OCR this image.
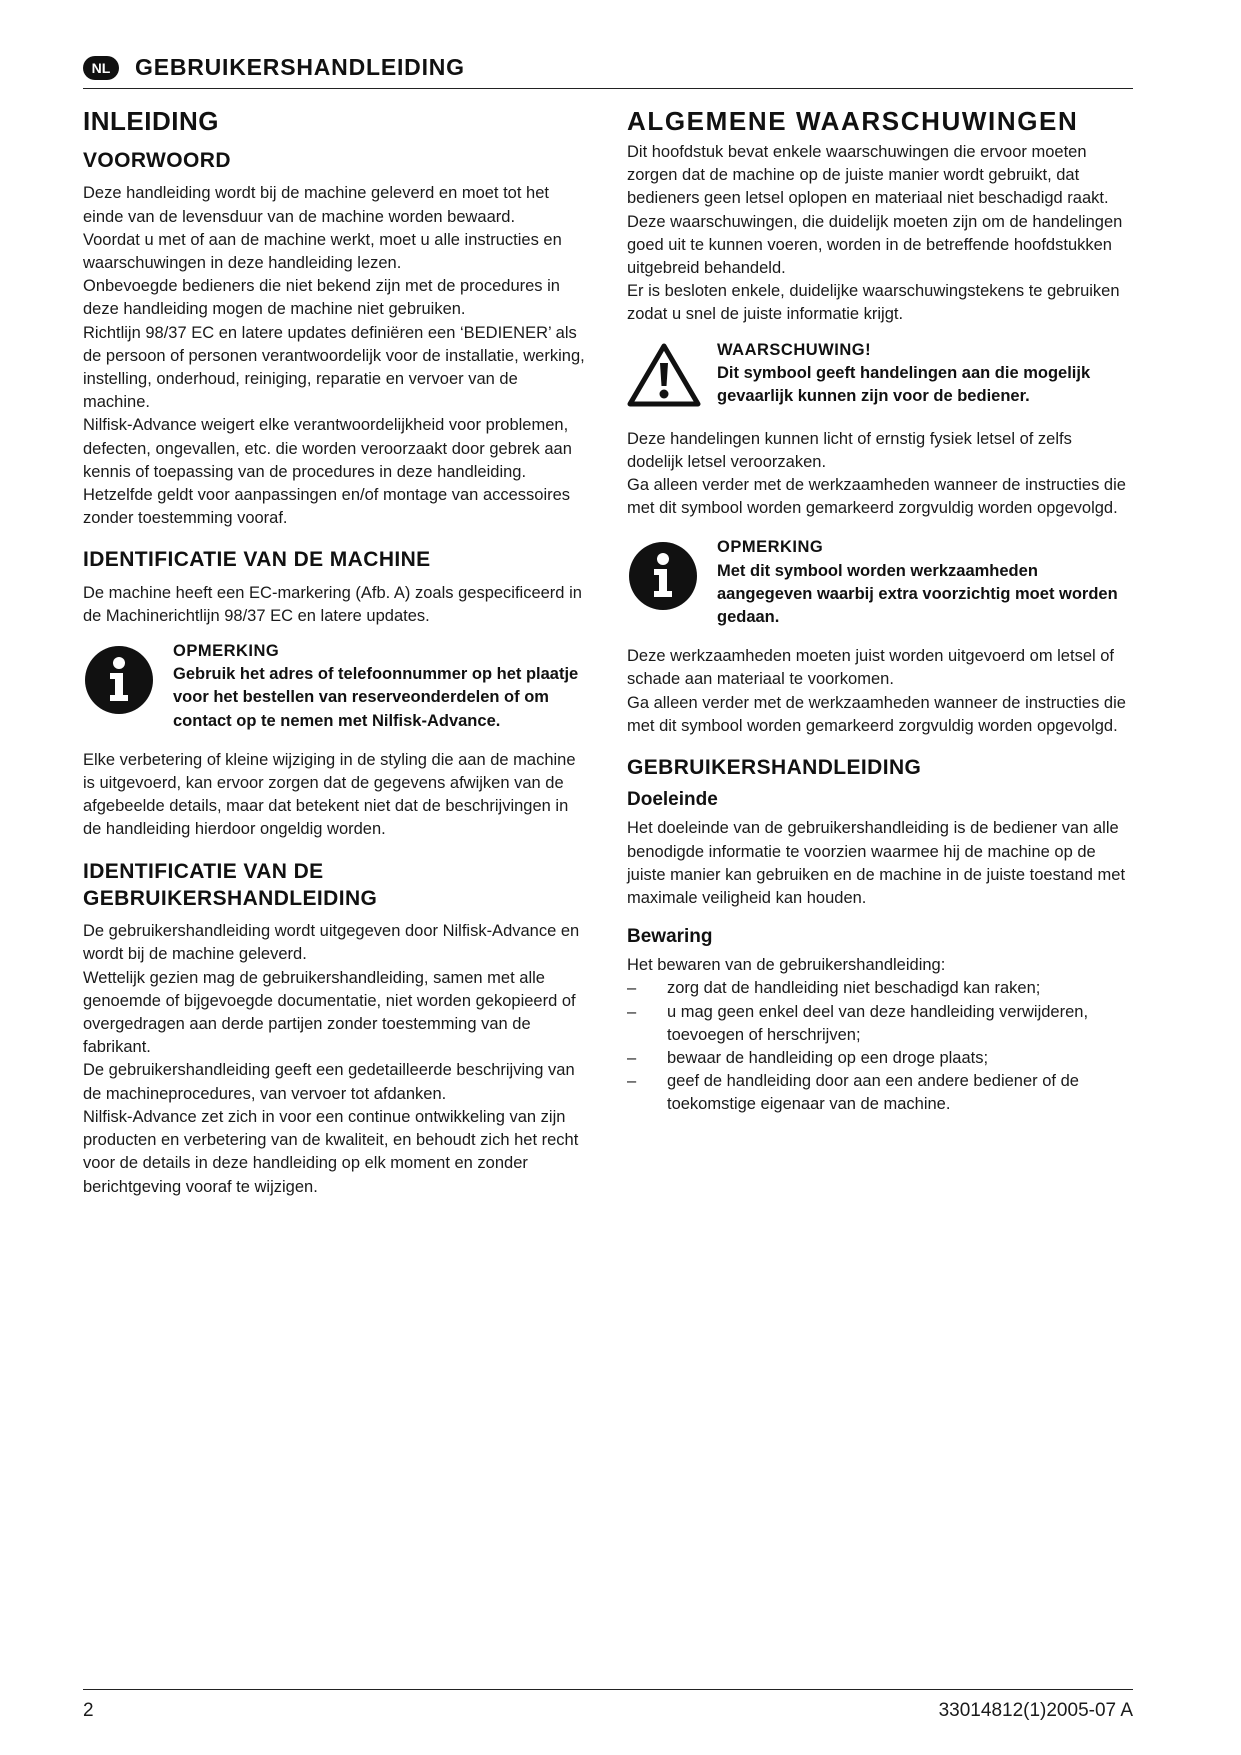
NL	GEBRUIKERSHANDLEIDING
INLEIDING
VOORWOORD

Deze handleiding wordt bij de machine geleverd en moet tot het einde van de levensduur van de machine worden bewaard.

Voordat u met of aan de machine werkt, moet u alle instructies en waarschuwingen in deze handleiding lezen.

Onbevoegde bedieners die niet bekend zijn met de procedures in deze handleiding mogen de machine niet gebruiken.

Richtlijn 98/37 EC en latere updates definiëren een ‘BEDIENER’ als de persoon of personen verantwoordelijk voor de installatie, werking, instelling, onderhoud, reiniging, reparatie en vervoer van de machine.

Nilfisk-Advance weigert elke verantwoordelijkheid voor problemen, defecten, ongevallen, etc. die worden veroorzaakt door gebrek aan kennis of toepassing van de procedures in deze handleiding.

Hetzelfde geldt voor aanpassingen en/of montage van accessoires zonder toestemming vooraf.

IDENTIFICATIE VAN DE MACHINE

De machine heeft een EC-markering (Afb. A) zoals gespecificeerd in de Machinerichtlijn 98/37 EC en latere updates.

OPMERKING
Gebruik het adres of telefoonnummer op het plaatje voor het bestellen van reserveonderdelen of om contact op te nemen met Nilfisk-Advance.

Elke verbetering of kleine wijziging in de styling die aan de machine is uitgevoerd, kan ervoor zorgen dat de gegevens afwijken van de afgebeelde details, maar dat betekent niet dat de beschrijvingen in de handleiding hierdoor ongeldig worden.

IDENTIFICATIE VAN DE
GEBRUIKERSHANDLEIDING

De gebruikershandleiding wordt uitgegeven door Nilfisk-Advance en wordt bij de machine geleverd.

Wettelijk gezien mag de gebruikershandleiding, samen met alle genoemde of bijgevoegde documentatie, niet worden gekopieerd of overgedragen aan derde partijen zonder toestemming van de fabrikant.

De gebruikershandleiding geeft een gedetailleerde beschrijving van de machineprocedures, van vervoer tot afdanken.

Nilfisk-Advance zet zich in voor een continue ontwikkeling van zijn producten en verbetering van de kwaliteit, en behoudt zich het recht voor de details in deze handleiding op elk moment en zonder berichtgeving vooraf te wijzigen.

ALGEMENE WAARSCHUWINGEN

Dit hoofdstuk bevat enkele waarschuwingen die ervoor moeten zorgen dat de machine op de juiste manier wordt gebruikt, dat bedieners geen letsel oplopen en materiaal niet beschadigd raakt.

Deze waarschuwingen, die duidelijk moeten zijn om de handelingen goed uit te kunnen voeren, worden in de betreffende hoofdstukken uitgebreid behandeld.

Er is besloten enkele, duidelijke waarschuwingstekens te gebruiken zodat u snel de juiste informatie krijgt.

WAARSCHUWING!
Dit symbool geeft handelingen aan die mogelijk gevaarlijk kunnen zijn voor de bediener.

Deze handelingen kunnen licht of ernstig fysiek letsel of zelfs dodelijk letsel veroorzaken.

Ga alleen verder met de werkzaamheden wanneer de instructies die met dit symbool worden gemarkeerd zorgvuldig worden opgevolgd.

OPMERKING
Met dit symbool worden werkzaamheden aangegeven waarbij extra voorzichtig moet worden gedaan.

Deze werkzaamheden moeten juist worden uitgevoerd om letsel of schade aan materiaal te voorkomen.

Ga alleen verder met de werkzaamheden wanneer de instructies die met dit symbool worden gemarkeerd zorgvuldig worden opgevolgd.

GEBRUIKERSHANDLEIDING
Doeleinde

Het doeleinde van de gebruikershandleiding is de bediener van alle benodigde informatie te voorzien waarmee hij de machine op de juiste manier kan gebruiken en de machine in de juiste toestand met maximale veiligheid kan houden.

Bewaring

Het bewaren van de gebruikershandleiding:

– zorg dat de handleiding niet beschadigd kan raken;
– u mag geen enkel deel van deze handleiding verwijderen, toevoegen of herschrijven;
– bewaar de handleiding op een droge plaats;
– geef de handleiding door aan een andere bediener of de toekomstige eigenaar van de machine.
2	33014812(1)2005-07 A
